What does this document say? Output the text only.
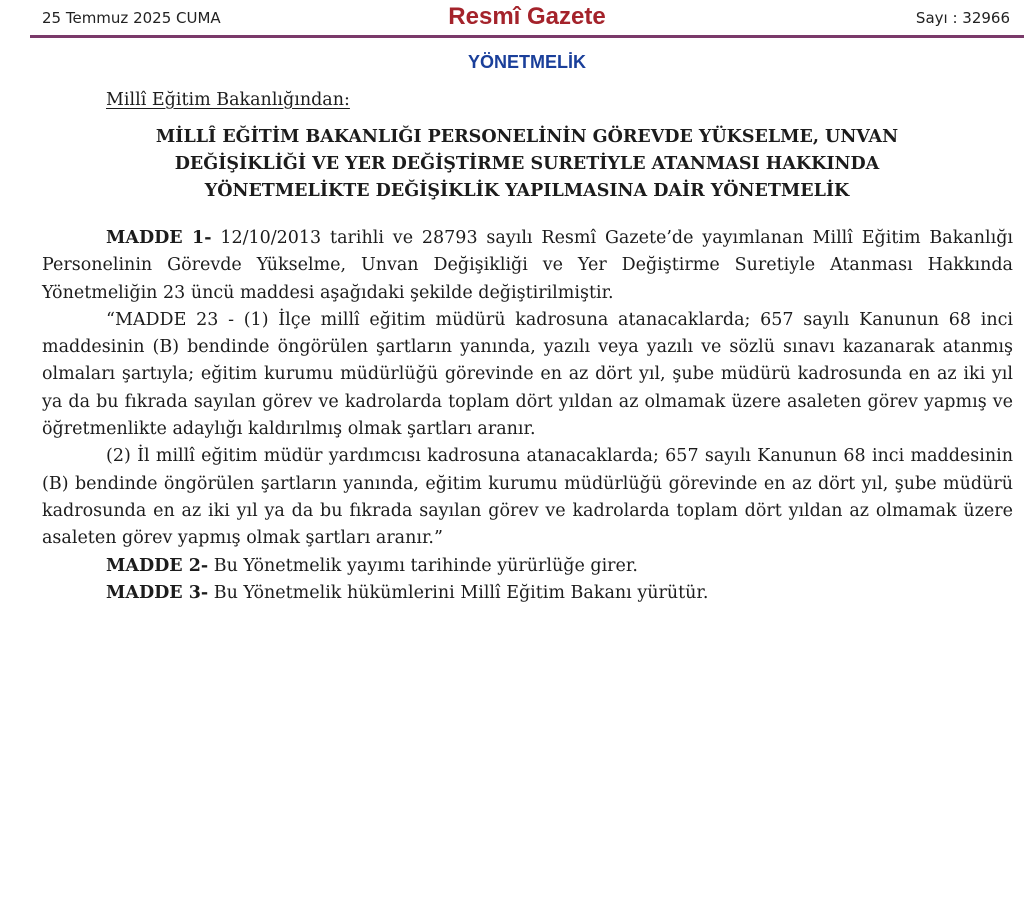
25 Temmuz 2025 CUMA	Resmî Gazete	Sayı : 32966
YÖNETMELİK
Millî Eğitim Bakanlığından:
MİLLÎ EĞİTİM BAKANLIĞI PERSONELİNİN GÖREVDE YÜKSELME, UNVAN
DEĞİŞİKLİĞİ VE YER DEĞİŞTİRME SURETİYLE ATANMASI HAKKINDA
YÖNETMELİKTE DEĞİŞİKLİK YAPILMASINA DAİR YÖNETMELİK

MADDE 1- 12/10/2013 tarihli ve 28793 sayılı Resmî Gazete’de yayımlanan Millî Eğitim Bakanlığı Personelinin Görevde Yükselme, Unvan Değişikliği ve Yer Değiştirme Suretiyle Atanması Hakkında Yönetmeliğin 23 üncü maddesi aşağıdaki şekilde değiştirilmiştir.

“MADDE 23 - (1) İlçe millî eğitim müdürü kadrosuna atanacaklarda; 657 sayılı Kanunun 68 inci maddesinin (B) bendinde öngörülen şartların yanında, yazılı veya yazılı ve sözlü sınavı kazanarak atanmış olmaları şartıyla; eğitim kurumu müdürlüğü görevinde en az dört yıl, şube müdürü kadrosunda en az iki yıl ya da bu fıkrada sayılan görev ve kadrolarda toplam dört yıldan az olmamak üzere asaleten görev yapmış ve öğretmenlikte adaylığı kaldırılmış olmak şartları aranır.

(2) İl millî eğitim müdür yardımcısı kadrosuna atanacaklarda; 657 sayılı Kanunun 68 inci maddesinin (B) bendinde öngörülen şartların yanında, eğitim kurumu müdürlüğü görevinde en az dört yıl, şube müdürü kadrosunda en az iki yıl ya da bu fıkrada sayılan görev ve kadrolarda toplam dört yıldan az olmamak üzere asaleten görev yapmış olmak şartları aranır.”

MADDE 2- Bu Yönetmelik yayımı tarihinde yürürlüğe girer.

MADDE 3- Bu Yönetmelik hükümlerini Millî Eğitim Bakanı yürütür.
